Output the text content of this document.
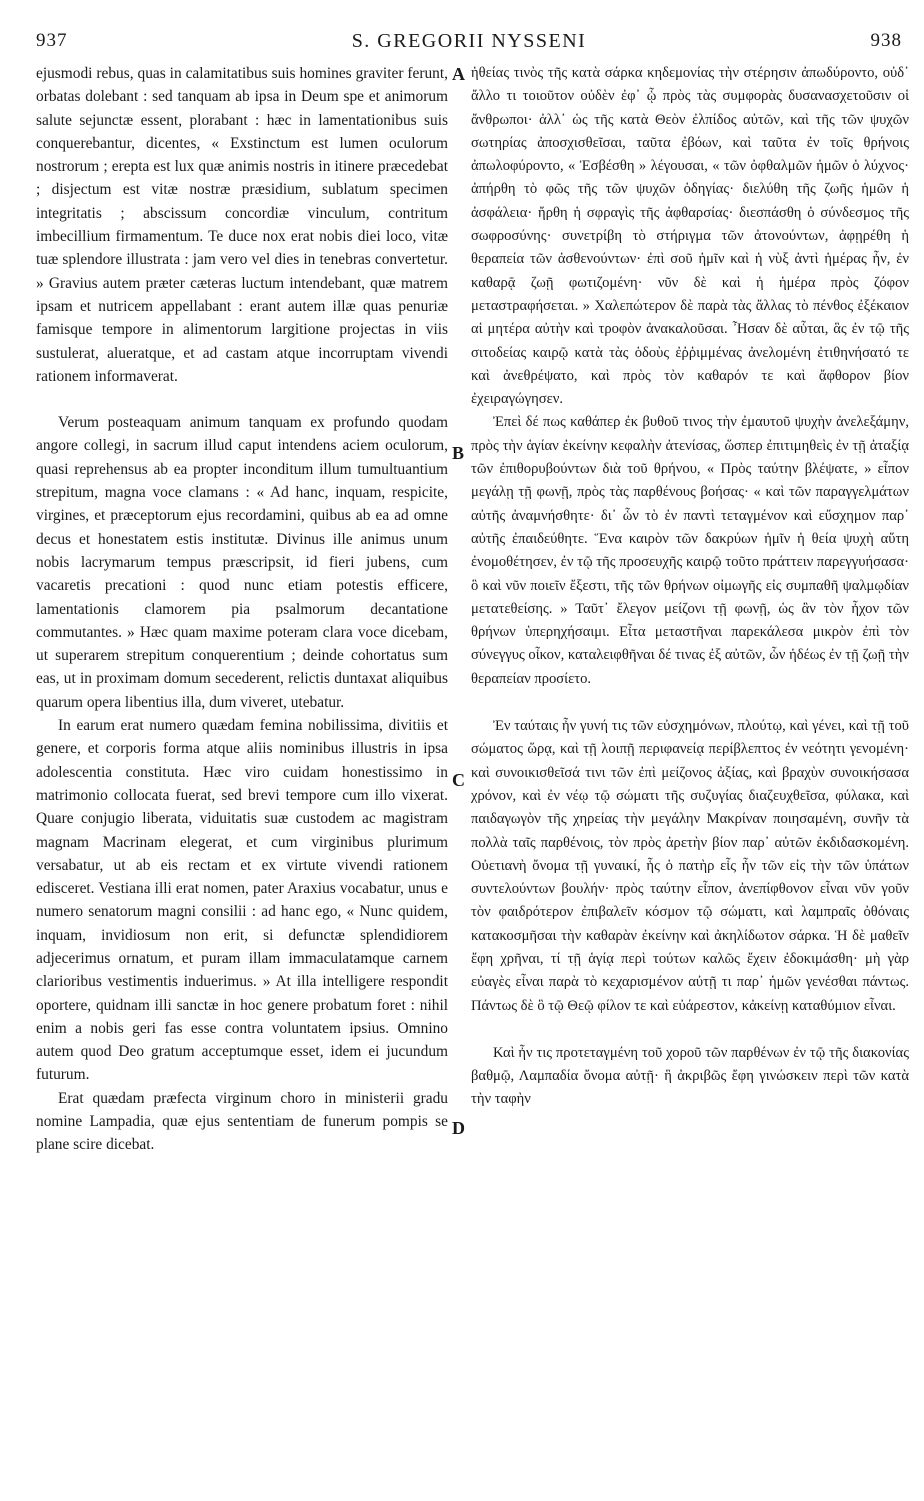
937	S. GREGORII NYSSENI	938

ejusmodi rebus, quas in calamitatibus suis homines graviter ferunt, orbatas dolebant : sed tanquam ab ipsa in Deum spe et animorum salute sejunctæ essent, plorabant : hæc in lamentationibus suis conquerebantur, dicentes, « Exstinctum est lumen oculorum nostrorum ; erepta est lux quæ animis nostris in itinere præcedebat ; disjectum est vitæ nostræ præsidium, sublatum specimen integritatis ; abscissum concordiæ vinculum, contritum imbecillium firmamentum. Te duce nox erat nobis diei loco, vitæ tuæ splendore illustrata : jam vero vel dies in tenebras convertetur. » Gravius autem præter cæteras luctum intendebant, quæ matrem ipsam et nutricem appellabant : erant autem illæ quas penuriæ famisque tempore in alimentorum largitione projectas in viis sustulerat, alueratque, et ad castam atque incorruptam vivendi rationem informaverat.

Verum posteaquam animum tanquam ex profundo quodam angore collegi, in sacrum illud caput intendens aciem oculorum, quasi reprehensus ab ea propter inconditum illum tumultuantium strepitum, magna voce clamans : « Ad hanc, inquam, respicite, virgines, et præceptorum ejus recordamini, quibus ab ea ad omne decus et honestatem estis institutæ. Divinus ille animus unum nobis lacrymarum tempus præscripsit, id fieri jubens, cum vacaretis precationi : quod nunc etiam potestis efficere, lamentationis clamorem pia psalmorum decantatione commutantes. » Hæc quam maxime poteram clara voce dicebam, ut superarem strepitum conquerentium ; deinde cohortatus sum eas, ut in proximam domum secederent, relictis duntaxat aliquibus quarum opera libentius illa, dum viveret, utebatur.

In earum erat numero quædam femina nobilissima, divitiis et genere, et corporis forma atque aliis nominibus illustris in ipsa adolescentia constituta. Hæc viro cuidam honestissimo in matrimonio collocata fuerat, sed brevi tempore cum illo vixerat. Quare conjugio liberata, viduitatis suæ custodem ac magistram magnam Macrinam elegerat, et cum virginibus plurimum versabatur, ut ab eis rectam et ex virtute vivendi rationem edisceret. Vestiana illi erat nomen, pater Araxius vocabatur, unus e numero senatorum magni consilii : ad hanc ego, « Nunc quidem, inquam, invidiosum non erit, si defunctæ splendidiorem adjecerimus ornatum, et puram illam immaculatamque carnem clarioribus vestimentis induerimus. » At illa intelligere respondit oportere, quidnam illi sanctæ in hoc genere probatum foret : nihil enim a nobis geri fas esse contra voluntatem ipsius. Omnino autem quod Deo gratum acceptumque esset, idem ei jucundum futurum.

Erat quædam præfecta virginum choro in ministerii gradu nomine Lampadia, quæ ejus sententiam de funerum pompis se plane scire dicebat.

A
B
C
D

ἡθείας τινὸς τῆς κατὰ σάρκα κηδεμονίας τὴν στέρησιν ἀπωδύροντο, οὐδ᾽ ἄλλο τι τοιοῦτον οὐδὲν ἐφ᾽ ᾧ πρὸς τὰς συμφορὰς δυσανασχετοῦσιν οἱ ἄνθρωποι· ἀλλ᾽ ὡς τῆς κατὰ Θεὸν ἐλπίδος αὐτῶν, καὶ τῆς τῶν ψυχῶν σωτηρίας ἀποσχισθεῖσαι, ταῦτα ἐβόων, καὶ ταῦτα ἐν τοῖς θρήνοις ἀπωλοφύροντο, « Ἐσβέσθη » λέγουσαι, « τῶν ὀφθαλμῶν ἡμῶν ὁ λύχνος· ἀπήρθη τὸ φῶς τῆς τῶν ψυχῶν ὁδηγίας· διελύθη τῆς ζωῆς ἡμῶν ἡ ἀσφάλεια· ἤρθη ἡ σφραγὶς τῆς ἀφθαρσίας· διεσπάσθη ὁ σύνδεσμος τῆς σωφροσύνης· συνετρίβη τὸ στήριγμα τῶν ἀτονούντων, ἀφῃρέθη ἡ θεραπεία τῶν ἀσθενούντων· ἐπὶ σοῦ ἡμῖν καὶ ἡ νὺξ ἀντὶ ἡμέρας ἦν, ἐν καθαρᾷ ζωῇ φωτιζομένη· νῦν δὲ καὶ ἡ ἡμέρα πρὸς ζόφον μεταστραφήσεται. » Χαλεπώτερον δὲ παρὰ τὰς ἄλλας τὸ πένθος ἐξέκαιον αἱ μητέρα αὐτὴν καὶ τροφὸν ἀνακαλοῦσαι. Ἦσαν δὲ αὗται, ἃς ἐν τῷ τῆς σιτοδείας καιρῷ κατὰ τὰς ὁδοὺς ἐῤῥιμμένας ἀνελομένη ἐτιθηνήσατό τε καὶ ἀνεθρέψατο, καὶ πρὸς τὸν καθαρόν τε καὶ ἄφθορον βίον ἐχειραγώγησεν.

Ἐπεὶ δέ πως καθάπερ ἐκ βυθοῦ τινος τὴν ἐμαυτοῦ ψυχὴν ἀνελεξάμην, πρὸς τὴν ἁγίαν ἐκείνην κεφαλὴν ἀτενίσας, ὥσπερ ἐπιτιμηθεὶς ἐν τῇ ἀταξίᾳ τῶν ἐπιθορυβούντων διὰ τοῦ θρήνου, « Πρὸς ταύτην βλέψατε, » εἶπον μεγάλῃ τῇ φωνῇ, πρὸς τὰς παρθένους βοήσας· « καὶ τῶν παραγγελμάτων αὐτῆς ἀναμνήσθητε· δι᾽ ὧν τὸ ἐν παντὶ τεταγμένον καὶ εὔσχημον παρ᾽ αὐτῆς ἐπαιδεύθητε. Ἕνα καιρὸν τῶν δακρύων ἡμῖν ἡ θεία ψυχὴ αὕτη ἐνομοθέτησεν, ἐν τῷ τῆς προσευχῆς καιρῷ τοῦτο πράττειν παρεγγυήσασα· ὃ καὶ νῦν ποιεῖν ἔξεστι, τῆς τῶν θρήνων οἰμωγῆς εἰς συμπαθῆ ψαλμῳδίαν μετατεθείσης. » Ταῦτ᾽ ἔλεγον μείζονι τῇ φωνῇ, ὡς ἂν τὸν ἦχον τῶν θρήνων ὑπερηχήσαιμι. Εἶτα μεταστῆναι παρεκάλεσα μικρὸν ἐπὶ τὸν σύνεγγυς οἶκον, καταλειφθῆναι δέ τινας ἐξ αὐτῶν, ὧν ἡδέως ἐν τῇ ζωῇ τὴν θεραπείαν προσίετο.

Ἐν ταύταις ἦν γυνή τις τῶν εὐσχημόνων, πλούτῳ, καὶ γένει, καὶ τῇ τοῦ σώματος ὥρᾳ, καὶ τῇ λοιπῇ περιφανείᾳ περίβλεπτος ἐν νεότητι γενομένη· καὶ συνοικισθεῖσά τινι τῶν ἐπὶ μείζονος ἀξίας, καὶ βραχὺν συνοικήσασα χρόνον, καὶ ἐν νέῳ τῷ σώματι τῆς συζυγίας διαζευχθεῖσα, φύλακα, καὶ παιδαγωγὸν τῆς χηρείας τὴν μεγάλην Μακρίναν ποιησαμένη, συνῆν τὰ πολλὰ ταῖς παρθένοις, τὸν πρὸς ἀρετὴν βίον παρ᾽ αὐτῶν ἐκδιδασκομένη. Οὐετιανὴ ὄνομα τῇ γυναικί, ἧς ὁ πατὴρ εἷς ἦν τῶν εἰς τὴν τῶν ὑπάτων συντελούντων βουλήν· πρὸς ταύτην εἶπον, ἀνεπίφθονον εἶναι νῦν γοῦν τὸν φαιδρότερον ἐπιβαλεῖν κόσμον τῷ σώματι, καὶ λαμπραῖς ὀθόναις κατακοσμῆσαι τὴν καθαρὰν ἐκείνην καὶ ἀκηλίδωτον σάρκα. Ἡ δὲ μαθεῖν ἔφη χρῆναι, τί τῇ ἁγίᾳ περὶ τούτων καλῶς ἔχειν ἐδοκιμάσθη· μὴ γὰρ εὐαγὲς εἶναι παρὰ τὸ κεχαρισμένον αὐτῇ τι παρ᾽ ἡμῶν γενέσθαι πάντως. Πάντως δὲ ὃ τῷ Θεῷ φίλον τε καὶ εὐάρεστον, κἀκείνῃ καταθύμιον εἶναι.

Καὶ ἦν τις προτεταγμένη τοῦ χοροῦ τῶν παρθένων ἐν τῷ τῆς διακονίας βαθμῷ, Λαμπαδία ὄνομα αὐτῇ· ἣ ἀκριβῶς ἔφη γινώσκειν περὶ τῶν κατὰ τὴν ταφὴν
